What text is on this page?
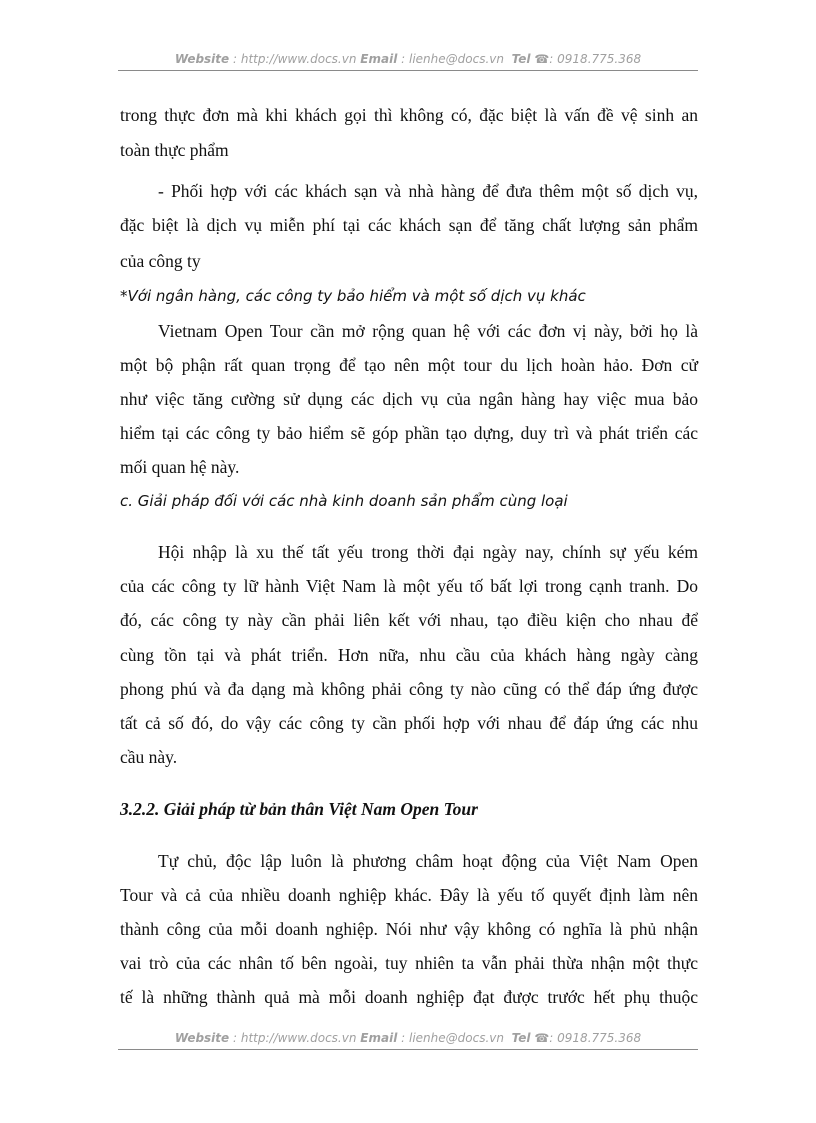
Website : http://www.docs.vn Email : lienhe@docs.vn Tel ☎: 0918.775.368
trong thực đơn mà khi khách gọi thì không có, đặc biệt là vấn đề vệ sinh an
toàn thực phẩm
- Phối hợp với các khách sạn và nhà hàng để đưa thêm một số dịch vụ,
đặc biệt là dịch vụ miễn phí tại các khách sạn để tăng chất lượng sản phẩm
của công ty
*Với ngân hàng, các công ty bảo hiểm và một số dịch vụ khác
Vietnam Open Tour cần mở rộng quan hệ với các đơn vị này, bởi họ là
một bộ phận rất quan trọng để tạo nên một tour du lịch hoàn hảo. Đơn cử
như việc tăng cường sử dụng các dịch vụ của ngân hàng hay việc mua bảo
hiểm tại các công ty bảo hiểm sẽ góp phần tạo dựng, duy trì và phát triển các
mối quan hệ này.
c. Giải pháp đối với các nhà kinh doanh sản phẩm cùng loại
Hội nhập là xu thế tất yếu trong thời đại ngày nay, chính sự yếu kém
của các công ty lữ hành Việt Nam là một yếu tố bất lợi trong cạnh tranh. Do
đó, các công ty này cần phải liên kết với nhau, tạo điều kiện cho nhau để
cùng tồn tại và phát triển. Hơn nữa, nhu cầu của khách hàng ngày càng
phong phú và đa dạng mà không phải công ty nào cũng có thể đáp ứng được
tất cả số đó, do vậy các công ty cần phối hợp với nhau để đáp ứng các nhu
cầu này.
3.2.2. Giải pháp từ bản thân Việt Nam Open Tour
Tự chủ, độc lập luôn là phương châm hoạt động của Việt Nam Open
Tour và cả của nhiều doanh nghiệp khác. Đây là yếu tố quyết định làm nên
thành công của mỗi doanh nghiệp. Nói như vậy không có nghĩa là phủ nhận
vai trò của các nhân tố bên ngoài, tuy nhiên ta vẫn phải thừa nhận một thực
tế là những thành quả mà mỗi doanh nghiệp đạt được trước hết phụ thuộc
Website : http://www.docs.vn Email : lienhe@docs.vn Tel ☎: 0918.775.368
